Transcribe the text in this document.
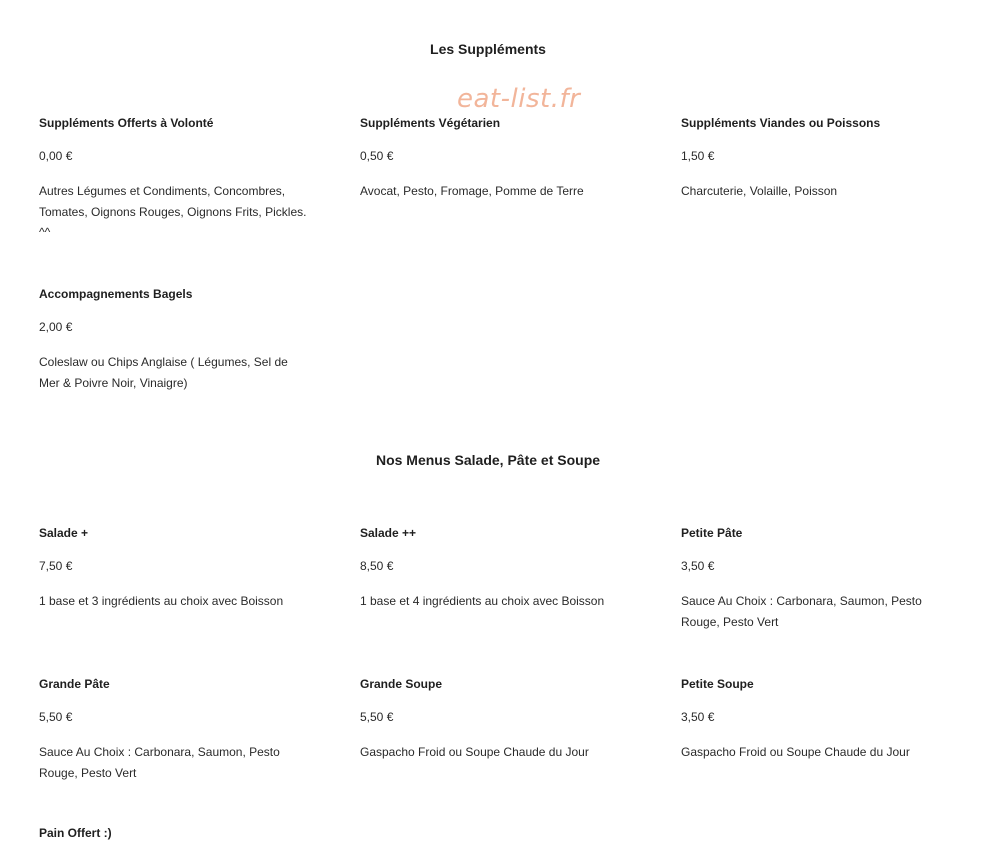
Les Suppléments
eat-list.fr
Suppléments Offerts à Volonté
0,00 €
Autres Légumes et Condiments, Concombres, Tomates, Oignons Rouges, Oignons Frits, Pickles. ^^
Suppléments Végétarien
0,50 €
Avocat, Pesto, Fromage, Pomme de Terre
Suppléments Viandes ou Poissons
1,50 €
Charcuterie, Volaille, Poisson
Accompagnements Bagels
2,00 €
Coleslaw ou Chips Anglaise ( Légumes, Sel de Mer & Poivre Noir, Vinaigre)
Nos Menus Salade, Pâte et Soupe
Salade +
7,50 €
1 base et 3 ingrédients au choix avec Boisson
Salade ++
8,50 €
1 base et 4 ingrédients au choix avec Boisson
Petite Pâte
3,50 €
Sauce Au Choix : Carbonara, Saumon, Pesto Rouge, Pesto Vert
Grande Pâte
5,50 €
Sauce Au Choix : Carbonara, Saumon, Pesto Rouge, Pesto Vert
Grande Soupe
5,50 €
Gaspacho Froid ou Soupe Chaude du Jour
Petite Soupe
3,50 €
Gaspacho Froid ou Soupe Chaude du Jour
Pain Offert :)
